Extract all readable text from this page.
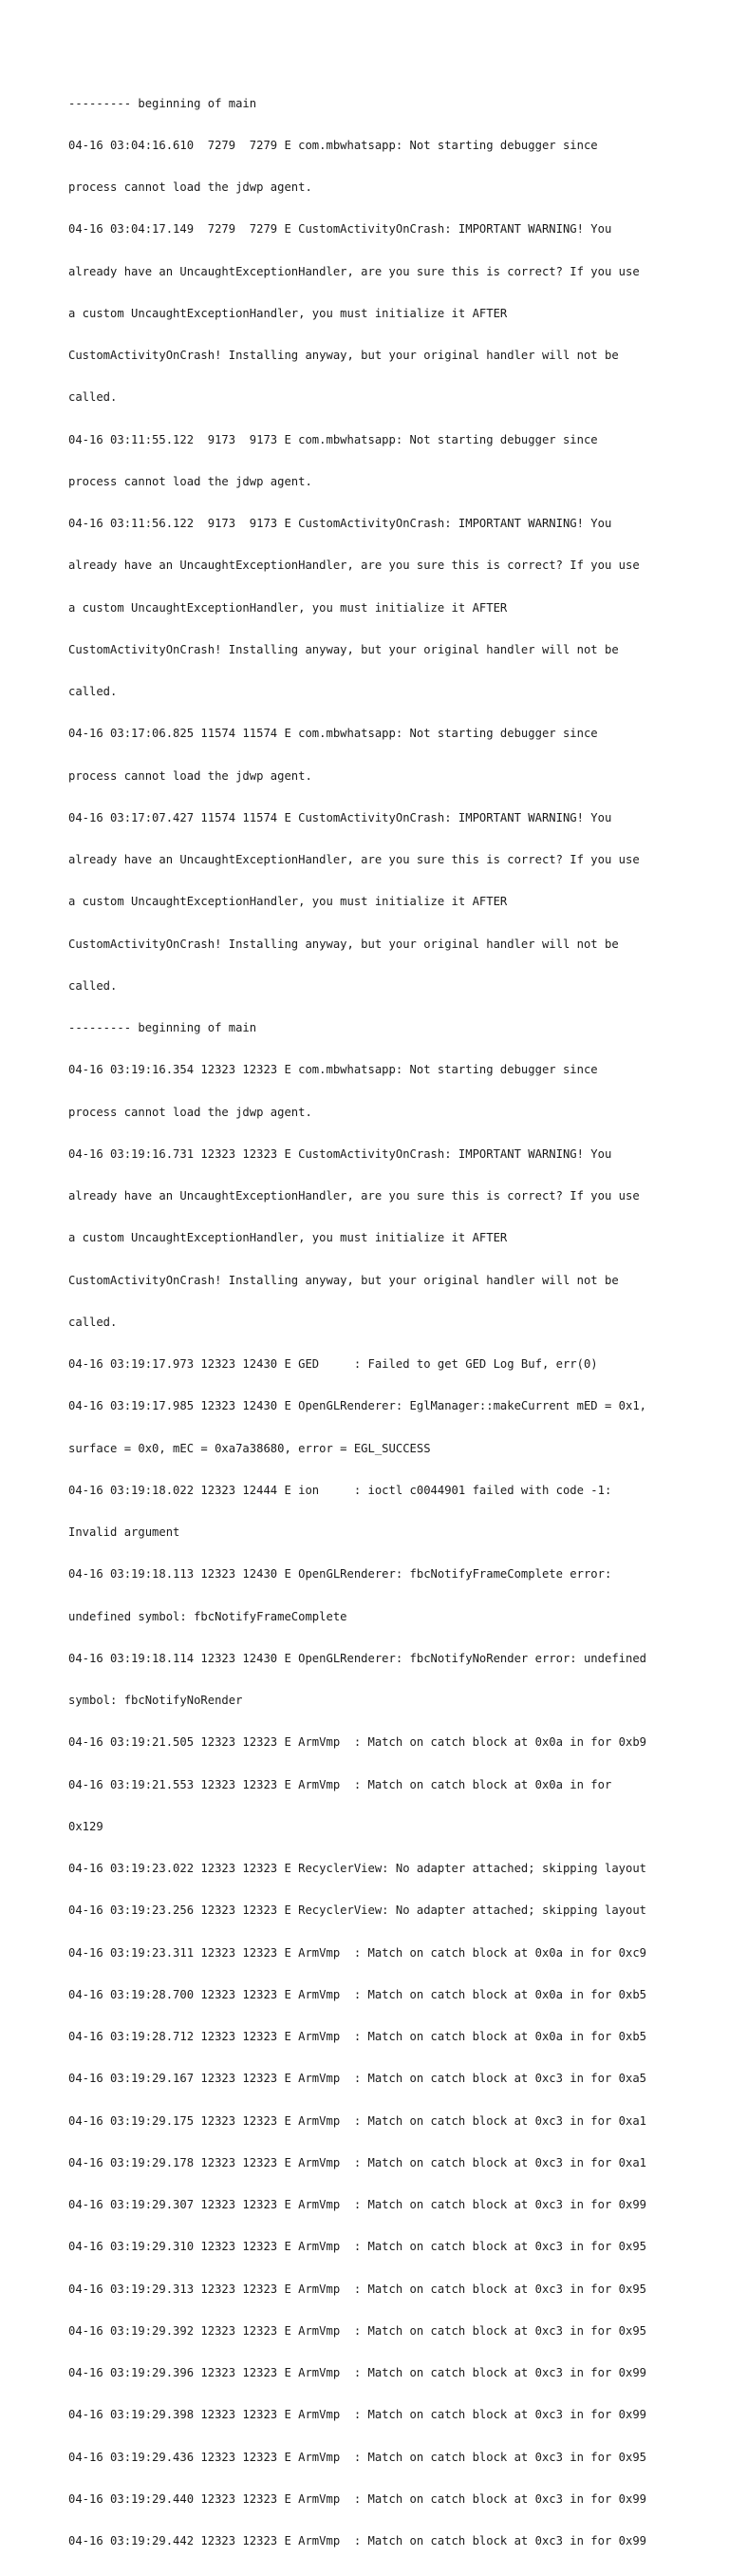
--------- beginning of main

04-16 03:04:16.610  7279  7279 E com.mbwhatsapp: Not starting debugger since

process cannot load the jdwp agent.

04-16 03:04:17.149  7279  7279 E CustomActivityOnCrash: IMPORTANT WARNING! You

already have an UncaughtExceptionHandler, are you sure this is correct? If you use

a custom UncaughtExceptionHandler, you must initialize it AFTER

CustomActivityOnCrash! Installing anyway, but your original handler will not be

called.

04-16 03:11:55.122  9173  9173 E com.mbwhatsapp: Not starting debugger since

process cannot load the jdwp agent.

04-16 03:11:56.122  9173  9173 E CustomActivityOnCrash: IMPORTANT WARNING! You

already have an UncaughtExceptionHandler, are you sure this is correct? If you use

a custom UncaughtExceptionHandler, you must initialize it AFTER

CustomActivityOnCrash! Installing anyway, but your original handler will not be

called.

04-16 03:17:06.825 11574 11574 E com.mbwhatsapp: Not starting debugger since

process cannot load the jdwp agent.

04-16 03:17:07.427 11574 11574 E CustomActivityOnCrash: IMPORTANT WARNING! You

already have an UncaughtExceptionHandler, are you sure this is correct? If you use

a custom UncaughtExceptionHandler, you must initialize it AFTER

CustomActivityOnCrash! Installing anyway, but your original handler will not be

called.

--------- beginning of main

04-16 03:19:16.354 12323 12323 E com.mbwhatsapp: Not starting debugger since

process cannot load the jdwp agent.

04-16 03:19:16.731 12323 12323 E CustomActivityOnCrash: IMPORTANT WARNING! You

already have an UncaughtExceptionHandler, are you sure this is correct? If you use

a custom UncaughtExceptionHandler, you must initialize it AFTER

CustomActivityOnCrash! Installing anyway, but your original handler will not be

called.

04-16 03:19:17.973 12323 12430 E GED     : Failed to get GED Log Buf, err(0)

04-16 03:19:17.985 12323 12430 E OpenGLRenderer: EglManager::makeCurrent mED = 0x1,

surface = 0x0, mEC = 0xa7a38680, error = EGL_SUCCESS

04-16 03:19:18.022 12323 12444 E ion     : ioctl c0044901 failed with code -1:

Invalid argument

04-16 03:19:18.113 12323 12430 E OpenGLRenderer: fbcNotifyFrameComplete error:

undefined symbol: fbcNotifyFrameComplete

04-16 03:19:18.114 12323 12430 E OpenGLRenderer: fbcNotifyNoRender error: undefined

symbol: fbcNotifyNoRender

04-16 03:19:21.505 12323 12323 E ArmVmp  : Match on catch block at 0x0a in for 0xb9

04-16 03:19:21.553 12323 12323 E ArmVmp  : Match on catch block at 0x0a in for

0x129

04-16 03:19:23.022 12323 12323 E RecyclerView: No adapter attached; skipping layout

04-16 03:19:23.256 12323 12323 E RecyclerView: No adapter attached; skipping layout

04-16 03:19:23.311 12323 12323 E ArmVmp  : Match on catch block at 0x0a in for 0xc9

04-16 03:19:28.700 12323 12323 E ArmVmp  : Match on catch block at 0x0a in for 0xb5

04-16 03:19:28.712 12323 12323 E ArmVmp  : Match on catch block at 0x0a in for 0xb5

04-16 03:19:29.167 12323 12323 E ArmVmp  : Match on catch block at 0xc3 in for 0xa5

04-16 03:19:29.175 12323 12323 E ArmVmp  : Match on catch block at 0xc3 in for 0xa1

04-16 03:19:29.178 12323 12323 E ArmVmp  : Match on catch block at 0xc3 in for 0xa1

04-16 03:19:29.307 12323 12323 E ArmVmp  : Match on catch block at 0xc3 in for 0x99

04-16 03:19:29.310 12323 12323 E ArmVmp  : Match on catch block at 0xc3 in for 0x95

04-16 03:19:29.313 12323 12323 E ArmVmp  : Match on catch block at 0xc3 in for 0x95

04-16 03:19:29.392 12323 12323 E ArmVmp  : Match on catch block at 0xc3 in for 0x95

04-16 03:19:29.396 12323 12323 E ArmVmp  : Match on catch block at 0xc3 in for 0x99

04-16 03:19:29.398 12323 12323 E ArmVmp  : Match on catch block at 0xc3 in for 0x99

04-16 03:19:29.436 12323 12323 E ArmVmp  : Match on catch block at 0xc3 in for 0x95

04-16 03:19:29.440 12323 12323 E ArmVmp  : Match on catch block at 0xc3 in for 0x99

04-16 03:19:29.442 12323 12323 E ArmVmp  : Match on catch block at 0xc3 in for 0x99
